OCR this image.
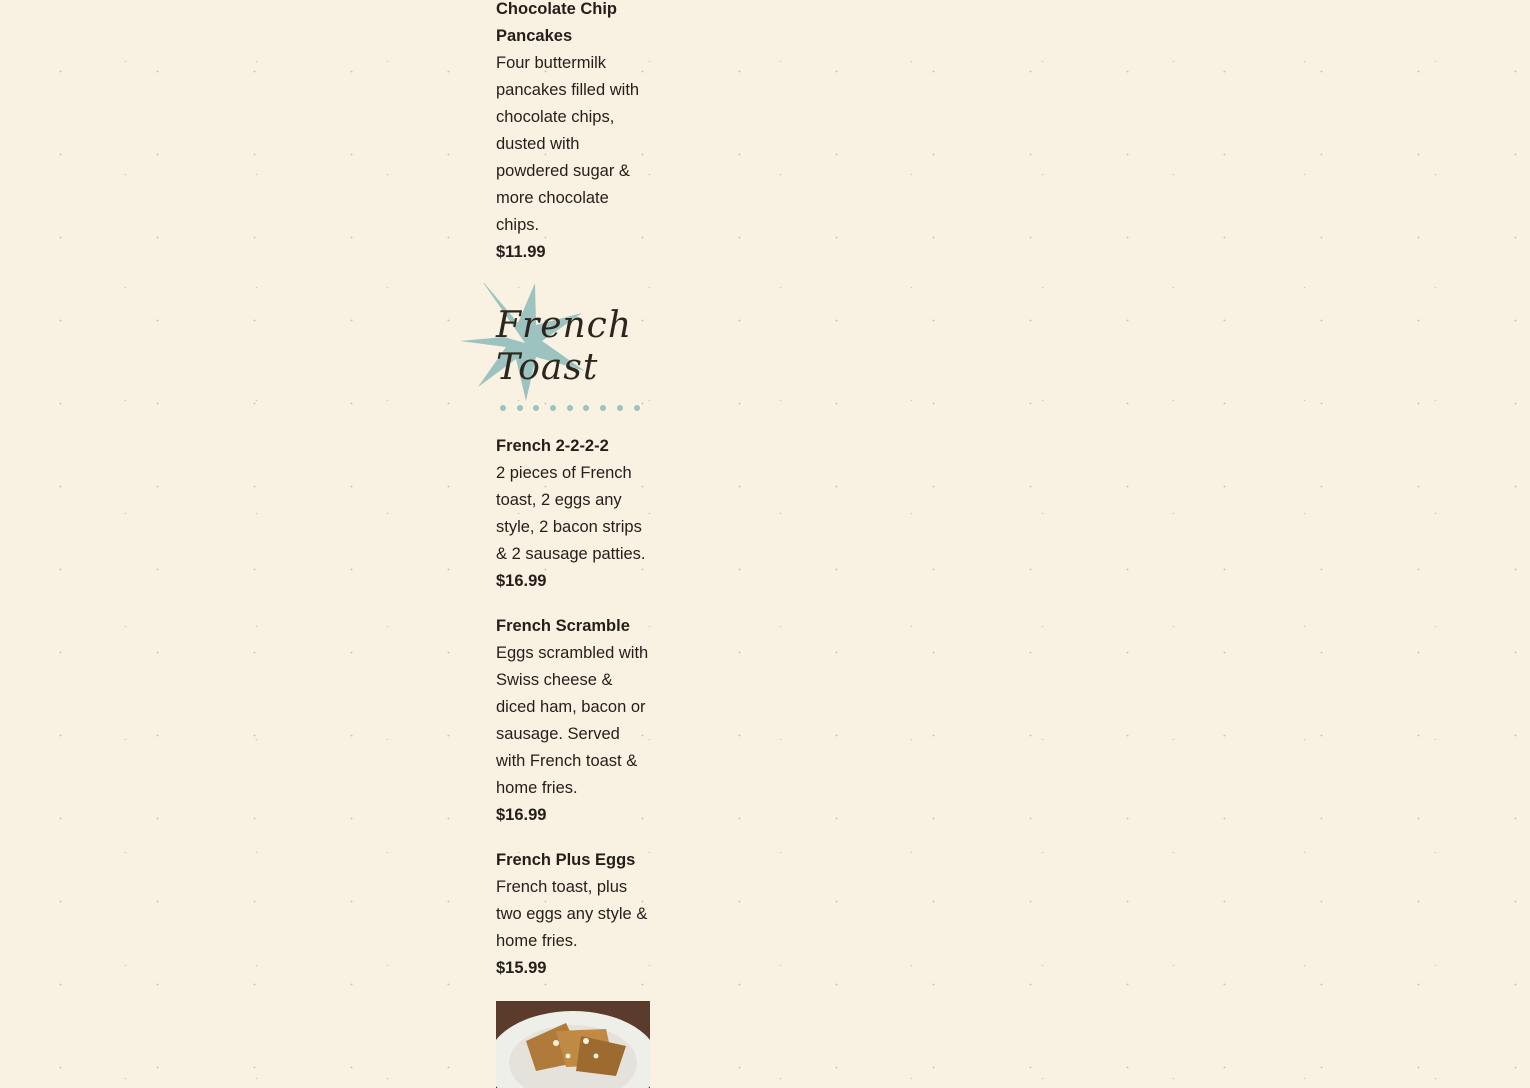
Chocolate Chip Pancakes

Four buttermilk pancakes filled with chocolate chips, dusted with powdered sugar & more chocolate chips.

$11.99

French Toast

French 2-2-2-2

2 pieces of French toast, 2 eggs any style, 2 bacon strips & 2 sausage patties.

$16.99

French Scramble

Eggs scrambled with Swiss cheese & diced ham, bacon or sausage. Served with French toast & home fries.

$16.99

French Plus Eggs

French toast, plus two eggs any style & home fries.

$15.99
